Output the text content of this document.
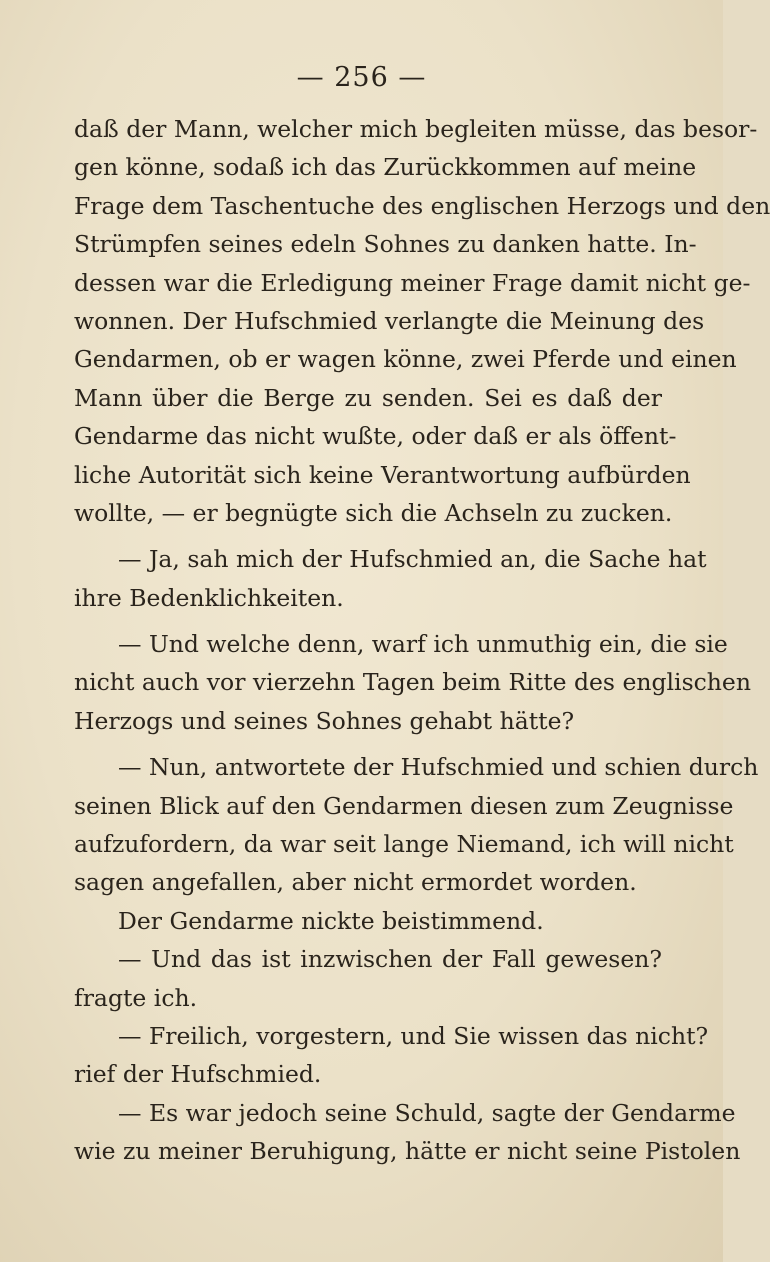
— 256 —
daß der Mann, welcher mich begleiten müsse, das besor-
gen könne, sodaß ich das Zurückkommen auf meine
Frage dem Taschentuche des englischen Herzogs und den
Strümpfen seines edeln Sohnes zu danken hatte. In-
dessen war die Erledigung meiner Frage damit nicht ge-
wonnen. Der Hufschmied verlangte die Meinung des
Gendarmen, ob er wagen könne, zwei Pferde und einen
Mann über die Berge zu senden. Sei es daß der
Gendarme das nicht wußte, oder daß er als öffent-
liche Autorität sich keine Verantwortung aufbürden
wollte, — er begnügte sich die Achseln zu zucken.
— Ja, sah mich der Hufschmied an, die Sache hat
ihre Bedenklichkeiten.
— Und welche denn, warf ich unmuthig ein, die sie
nicht auch vor vierzehn Tagen beim Ritte des englischen
Herzogs und seines Sohnes gehabt hätte?
— Nun, antwortete der Hufschmied und schien durch
seinen Blick auf den Gendarmen diesen zum Zeugnisse
aufzufordern, da war seit lange Niemand, ich will nicht
sagen angefallen, aber nicht ermordet worden.
Der Gendarme nickte beistimmend.
— Und das ist inzwischen der Fall gewesen?
fragte ich.
— Freilich, vorgestern, und Sie wissen das nicht?
rief der Hufschmied.
— Es war jedoch seine Schuld, sagte der Gendarme
wie zu meiner Beruhigung, hätte er nicht seine Pistolen
